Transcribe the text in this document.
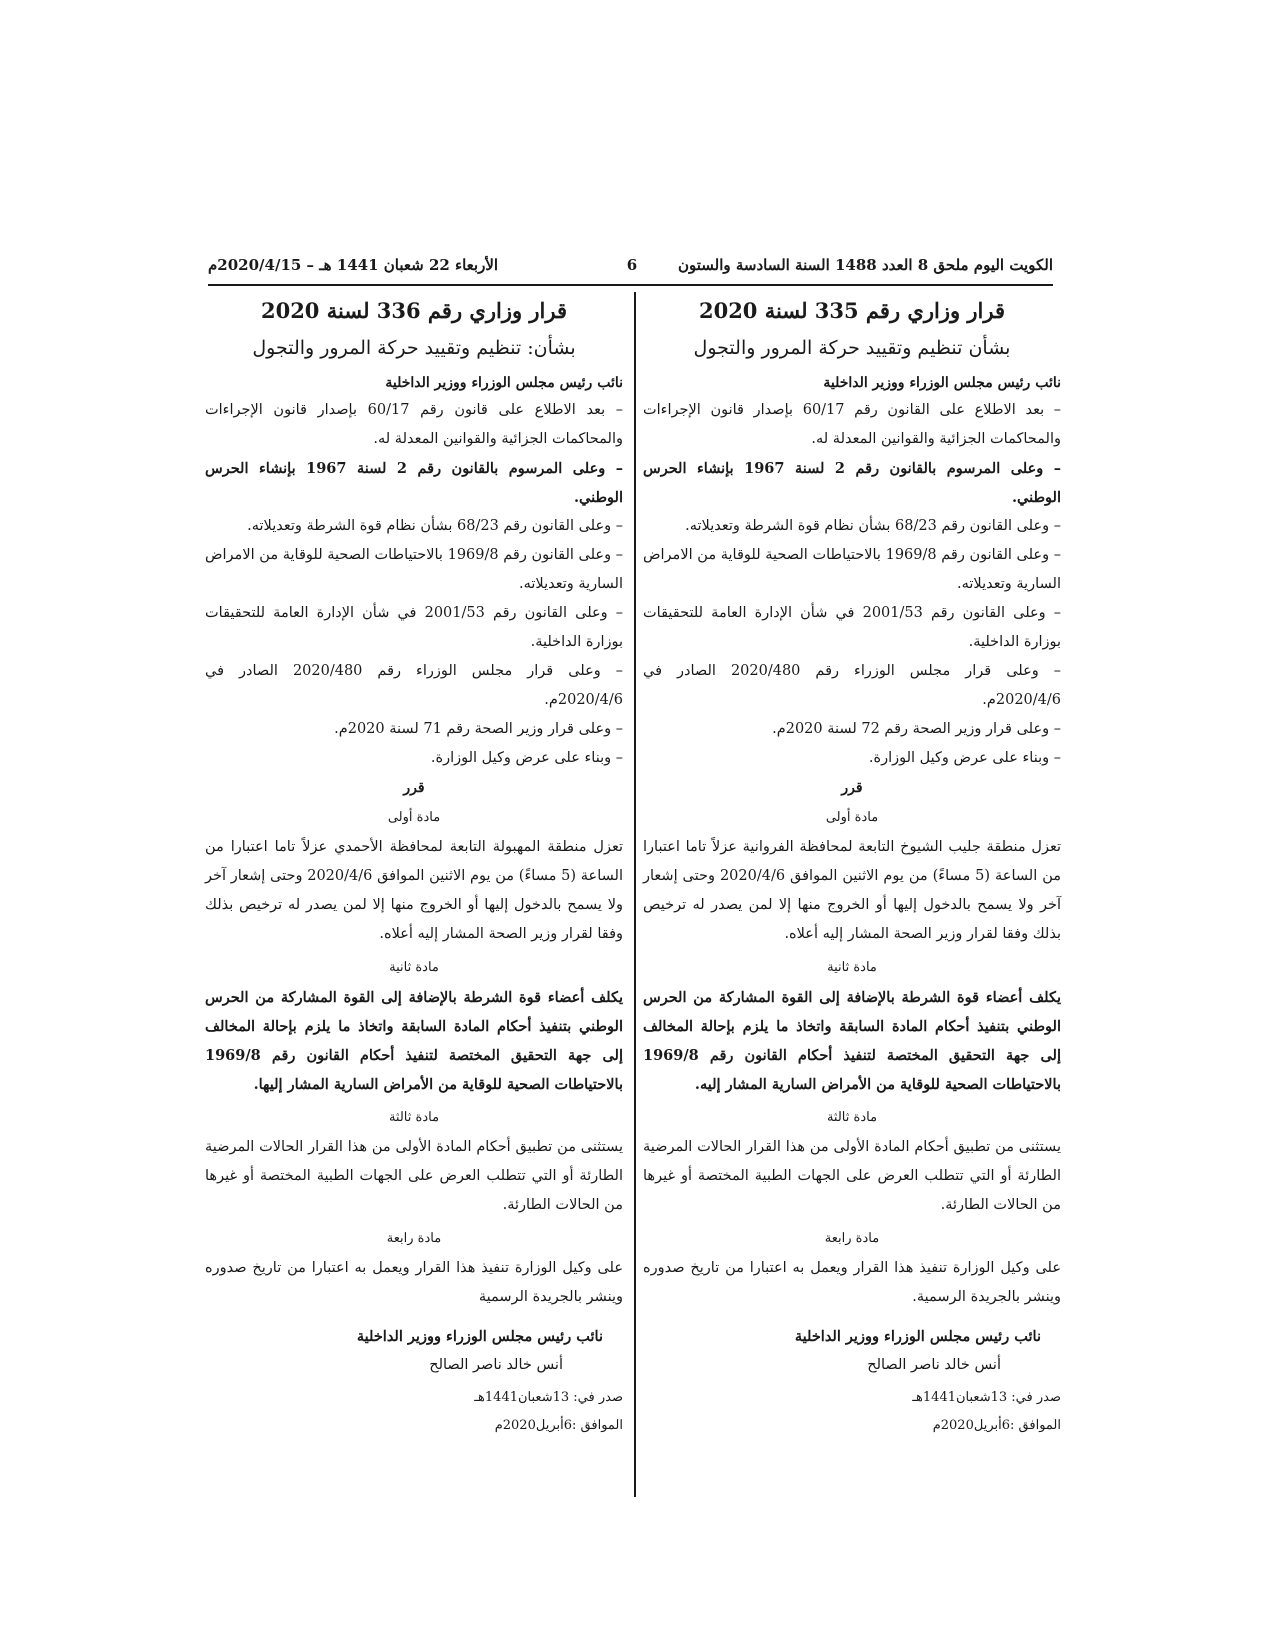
الكويت اليوم ملحق 8 العدد 1488 السنة السادسة والستون
6
الأربعاء 22 شعبان 1441 هـ – 2020/4/15م
قرار وزاري رقم 335 لسنة 2020
بشأن تنظيم وتقييد حركة المرور والتجول

نائب رئيس مجلس الوزراء ووزير الداخلية

– بعد الاطلاع على القانون رقم 60/17 بإصدار قانون الإجراءات والمحاكمات الجزائية والقوانين المعدلة له.

– وعلى المرسوم بالقانون رقم 2 لسنة 1967 بإنشاء الحرس الوطني.

– وعلى القانون رقم 68/23 بشأن نظام قوة الشرطة وتعديلاته.

– وعلى القانون رقم 1969/8 بالاحتياطات الصحية للوقاية من الامراض السارية وتعديلاته.

– وعلى القانون رقم 2001/53 في شأن الإدارة العامة للتحقيقات بوزارة الداخلية.

– وعلى قرار مجلس الوزراء رقم 2020/480 الصادر في 2020/4/6م.

– وعلى قرار وزير الصحة رقم 72 لسنة 2020م.

– وبناء على عرض وكيل الوزارة.

قرر

مادة أولى

تعزل منطقة جليب الشيوخ التابعة لمحافظة الفروانية عزلاً تاما اعتبارا من الساعة (5 مساءً) من يوم الاثنين الموافق 2020/4/6 وحتى إشعار آخر ولا يسمح بالدخول إليها أو الخروج منها إلا لمن يصدر له ترخيص بذلك وفقا لقرار وزير الصحة المشار إليه أعلاه.

مادة ثانية

يكلف أعضاء قوة الشرطة بالإضافة إلى القوة المشاركة من الحرس الوطني بتنفيذ أحكام المادة السابقة واتخاذ ما يلزم بإحالة المخالف إلى جهة التحقيق المختصة لتنفيذ أحكام القانون رقم 1969/8 بالاحتياطات الصحية للوقاية من الأمراض السارية المشار إليه.

مادة ثالثة

يستثنى من تطبيق أحكام المادة الأولى من هذا القرار الحالات المرضية الطارئة أو التي تتطلب العرض على الجهات الطبية المختصة أو غيرها من الحالات الطارئة.

مادة رابعة

على وكيل الوزارة تنفيذ هذا القرار ويعمل به اعتبارا من تاريخ صدوره وينشر بالجريدة الرسمية.

نائب رئيس مجلس الوزراء ووزير الداخلية

أنس خالد ناصر الصالح

صدر في: 13شعبان1441هـ

الموافق :6أبريل2020م

قرار وزاري رقم 336 لسنة 2020
بشأن: تنظيم وتقييد حركة المرور والتجول

نائب رئيس مجلس الوزراء ووزير الداخلية

– بعد الاطلاع على قانون رقم 60/17 بإصدار قانون الإجراءات والمحاكمات الجزائية والقوانين المعدلة له.

– وعلى المرسوم بالقانون رقم 2 لسنة 1967 بإنشاء الحرس الوطني.

– وعلى القانون رقم 68/23 بشأن نظام قوة الشرطة وتعديلاته.

– وعلى القانون رقم 1969/8 بالاحتياطات الصحية للوقاية من الامراض السارية وتعديلاته.

– وعلى القانون رقم 2001/53 في شأن الإدارة العامة للتحقيقات بوزارة الداخلية.

– وعلى قرار مجلس الوزراء رقم 2020/480 الصادر في 2020/4/6م.

– وعلى قرار وزير الصحة رقم 71 لسنة 2020م.

– وبناء على عرض وكيل الوزارة.

قرر

مادة أولى

تعزل منطقة المهبولة التابعة لمحافظة الأحمدي عزلاً تاما اعتبارا من الساعة (5 مساءً) من يوم الاثنين الموافق 2020/4/6 وحتى إشعار آخر ولا يسمح بالدخول إليها أو الخروج منها إلا لمن يصدر له ترخيص بذلك وفقا لقرار وزير الصحة المشار إليه أعلاه.

مادة ثانية

يكلف أعضاء قوة الشرطة بالإضافة إلى القوة المشاركة من الحرس الوطني بتنفيذ أحكام المادة السابقة واتخاذ ما يلزم بإحالة المخالف إلى جهة التحقيق المختصة لتنفيذ أحكام القانون رقم 1969/8 بالاحتياطات الصحية للوقاية من الأمراض السارية المشار إليها.

مادة ثالثة

يستثنى من تطبيق أحكام المادة الأولى من هذا القرار الحالات المرضية الطارئة أو التي تتطلب العرض على الجهات الطبية المختصة أو غيرها من الحالات الطارئة.

مادة رابعة

على وكيل الوزارة تنفيذ هذا القرار ويعمل به اعتبارا من تاريخ صدوره وينشر بالجريدة الرسمية

نائب رئيس مجلس الوزراء ووزير الداخلية

أنس خالد ناصر الصالح

صدر في: 13شعبان1441هـ

الموافق :6أبريل2020م
